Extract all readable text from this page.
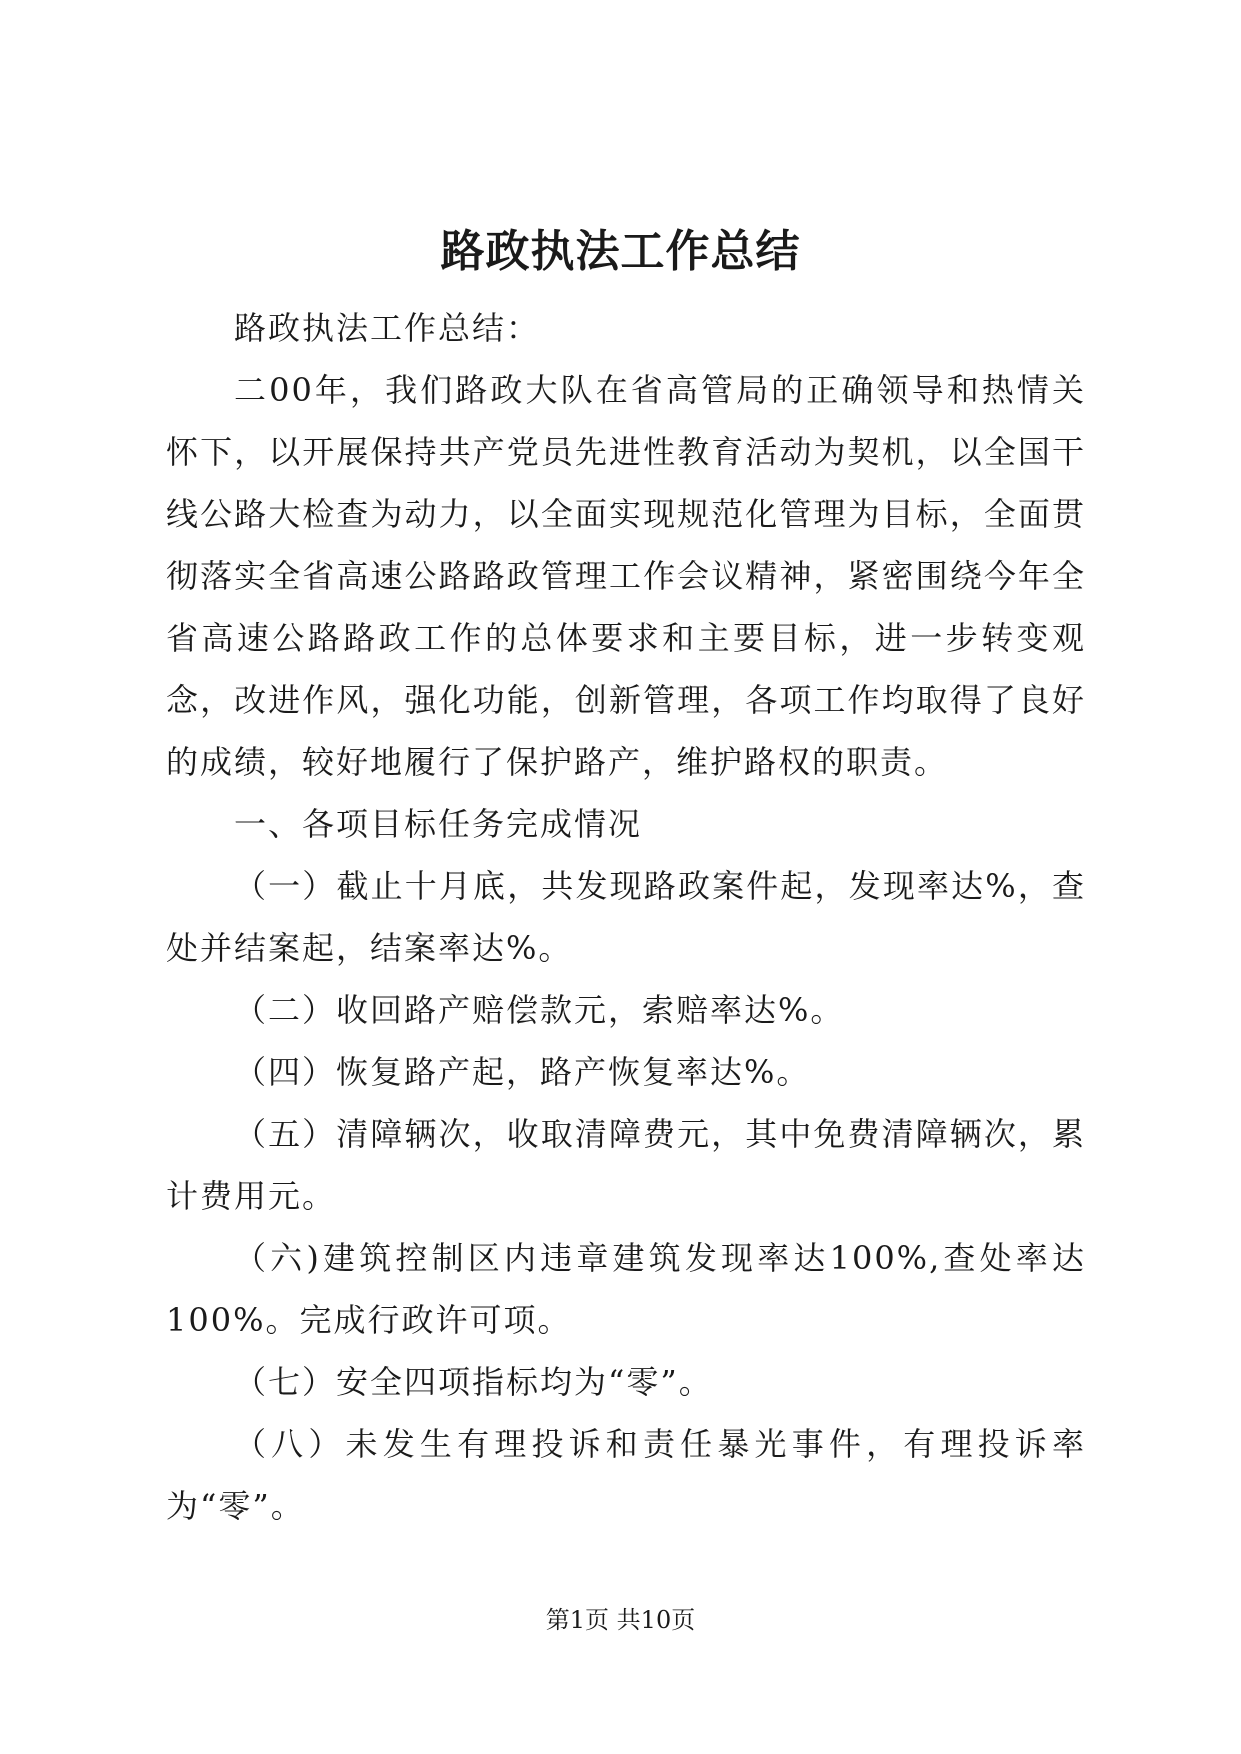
路政执法工作总结

路政执法工作总结：

二00年，我们路政大队在省高管局的正确领导和热情关怀下，以开展保持共产党员先进性教育活动为契机，以全国干线公路大检查为动力，以全面实现规范化管理为目标，全面贯彻落实全省高速公路路政管理工作会议精神，紧密围绕今年全省高速公路路政工作的总体要求和主要目标，进一步转变观念，改进作风，强化功能，创新管理，各项工作均取得了良好的成绩，较好地履行了保护路产，维护路权的职责。

一、各项目标任务完成情况

（一）截止十月底，共发现路政案件起，发现率达%，查处并结案起，结案率达%。

（二）收回路产赔偿款元，索赔率达%。

（四）恢复路产起，路产恢复率达%。

（五）清障辆次，收取清障费元，其中免费清障辆次，累计费用元。

（六)建筑控制区内违章建筑发现率达100%,查处率达100%。完成行政许可项。

（七）安全四项指标均为“零”。

（八）未发生有理投诉和责任暴光事件，有理投诉率为“零”。

第1页 共10页
